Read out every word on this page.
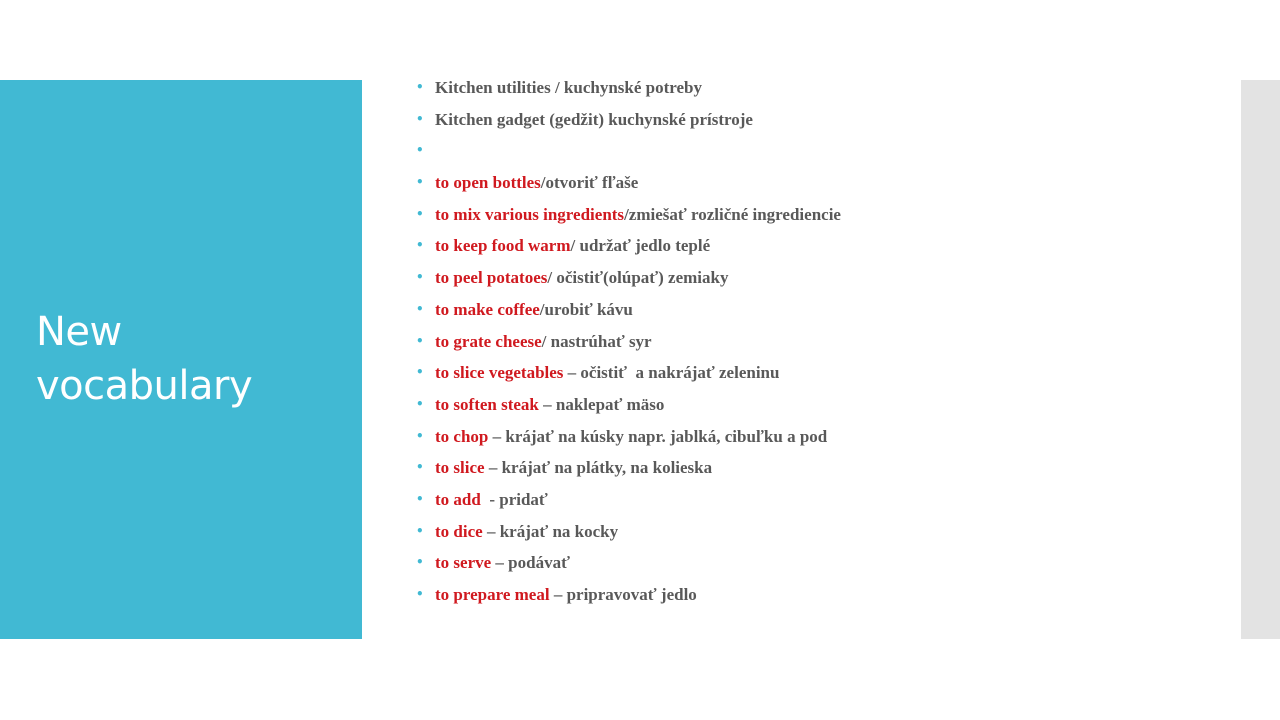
New
vocabulary
• Kitchen utilities / kuchynské potreby
• Kitchen gadget (gedžit) kuchynské prístroje
•
• to open bottles/otvoriť fľaše
• to mix various ingredients/zmiešať rozličné ingrediencie
• to keep food warm/ udržať jedlo teplé
• to peel potatoes/ očistiť(olúpať) zemiaky
• to make coffee/urobiť kávu
• to grate cheese/ nastrúhať syr
• to slice vegetables – očistiť  a nakrájať zeleninu
• to soften steak – naklepať mäso
• to chop – krájať na kúsky napr. jablká, cibuľku a pod
• to slice – krájať na plátky, na kolieska
• to add  - pridať
• to dice – krájať na kocky
• to serve – podávať
• to prepare meal – pripravovať jedlo
